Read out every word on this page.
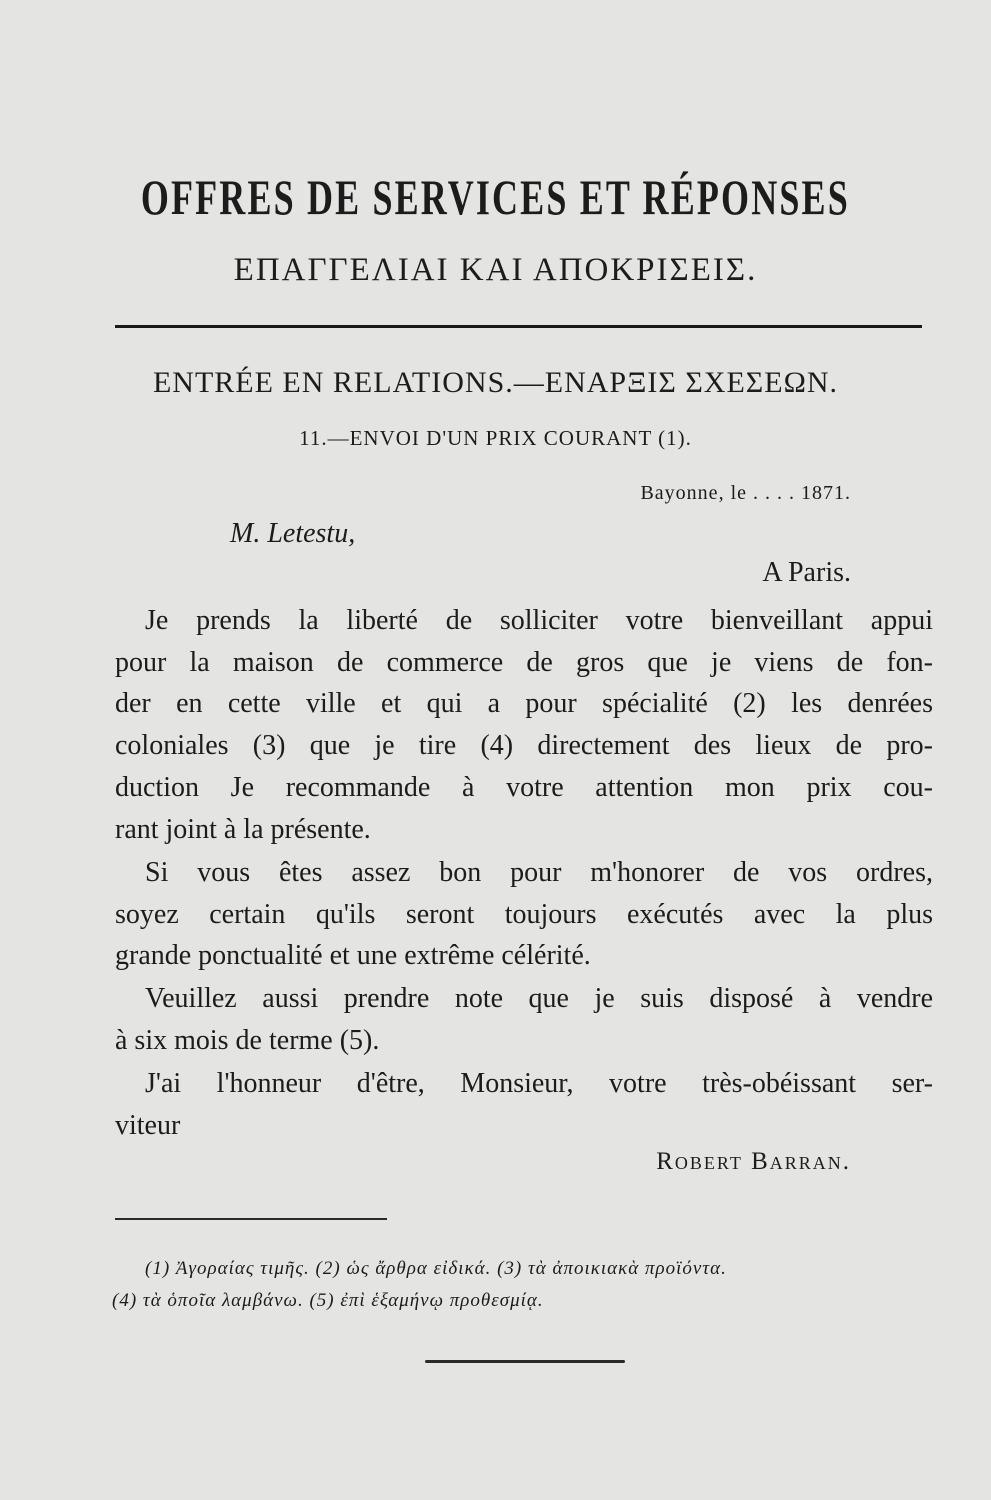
OFFRES DE SERVICES ET RÉPONSES
ΕΠΑΓΓΕΛΙΑΙ ΚΑΙ ΑΠΟΚΡΙΣΕΙΣ.
ENTRÉE EN RELATIONS.—ΕΝΑΡΞΙΣ ΣΧΕΣΕΩΝ.
11.—ENVOI D'UN PRIX COURANT (1).
Bayonne, le . . . . 1871.
M. Letestu,
A Paris.
Je prends la liberté de solliciter votre bienveillant appui
pour la maison de commerce de gros que je viens de fon-
der en cette ville et qui a pour spécialité (2) les denrées
coloniales (3) que je tire (4) directement des lieux de pro-
duction Je recommande à votre attention mon prix cou-
rant joint à la présente.
Si vous êtes assez bon pour m'honorer de vos ordres,
soyez certain qu'ils seront toujours exécutés avec la plus
grande ponctualité et une extrême célérité.
Veuillez aussi prendre note que je suis disposé à vendre
à six mois de terme (5).
J'ai l'honneur d'être, Monsieur, votre très-obéissant ser-
viteur
Robert Barran.
(1) Ἀγοραίας τιμῆς. (2) ὡς ἄρθρα εἰδικά. (3) τὰ ἀποικιακὰ προϊόντα.
(4) τὰ ὁποῖα λαμβάνω. (5) ἐπὶ ἑξαμήνῳ προθεσμίᾳ.
